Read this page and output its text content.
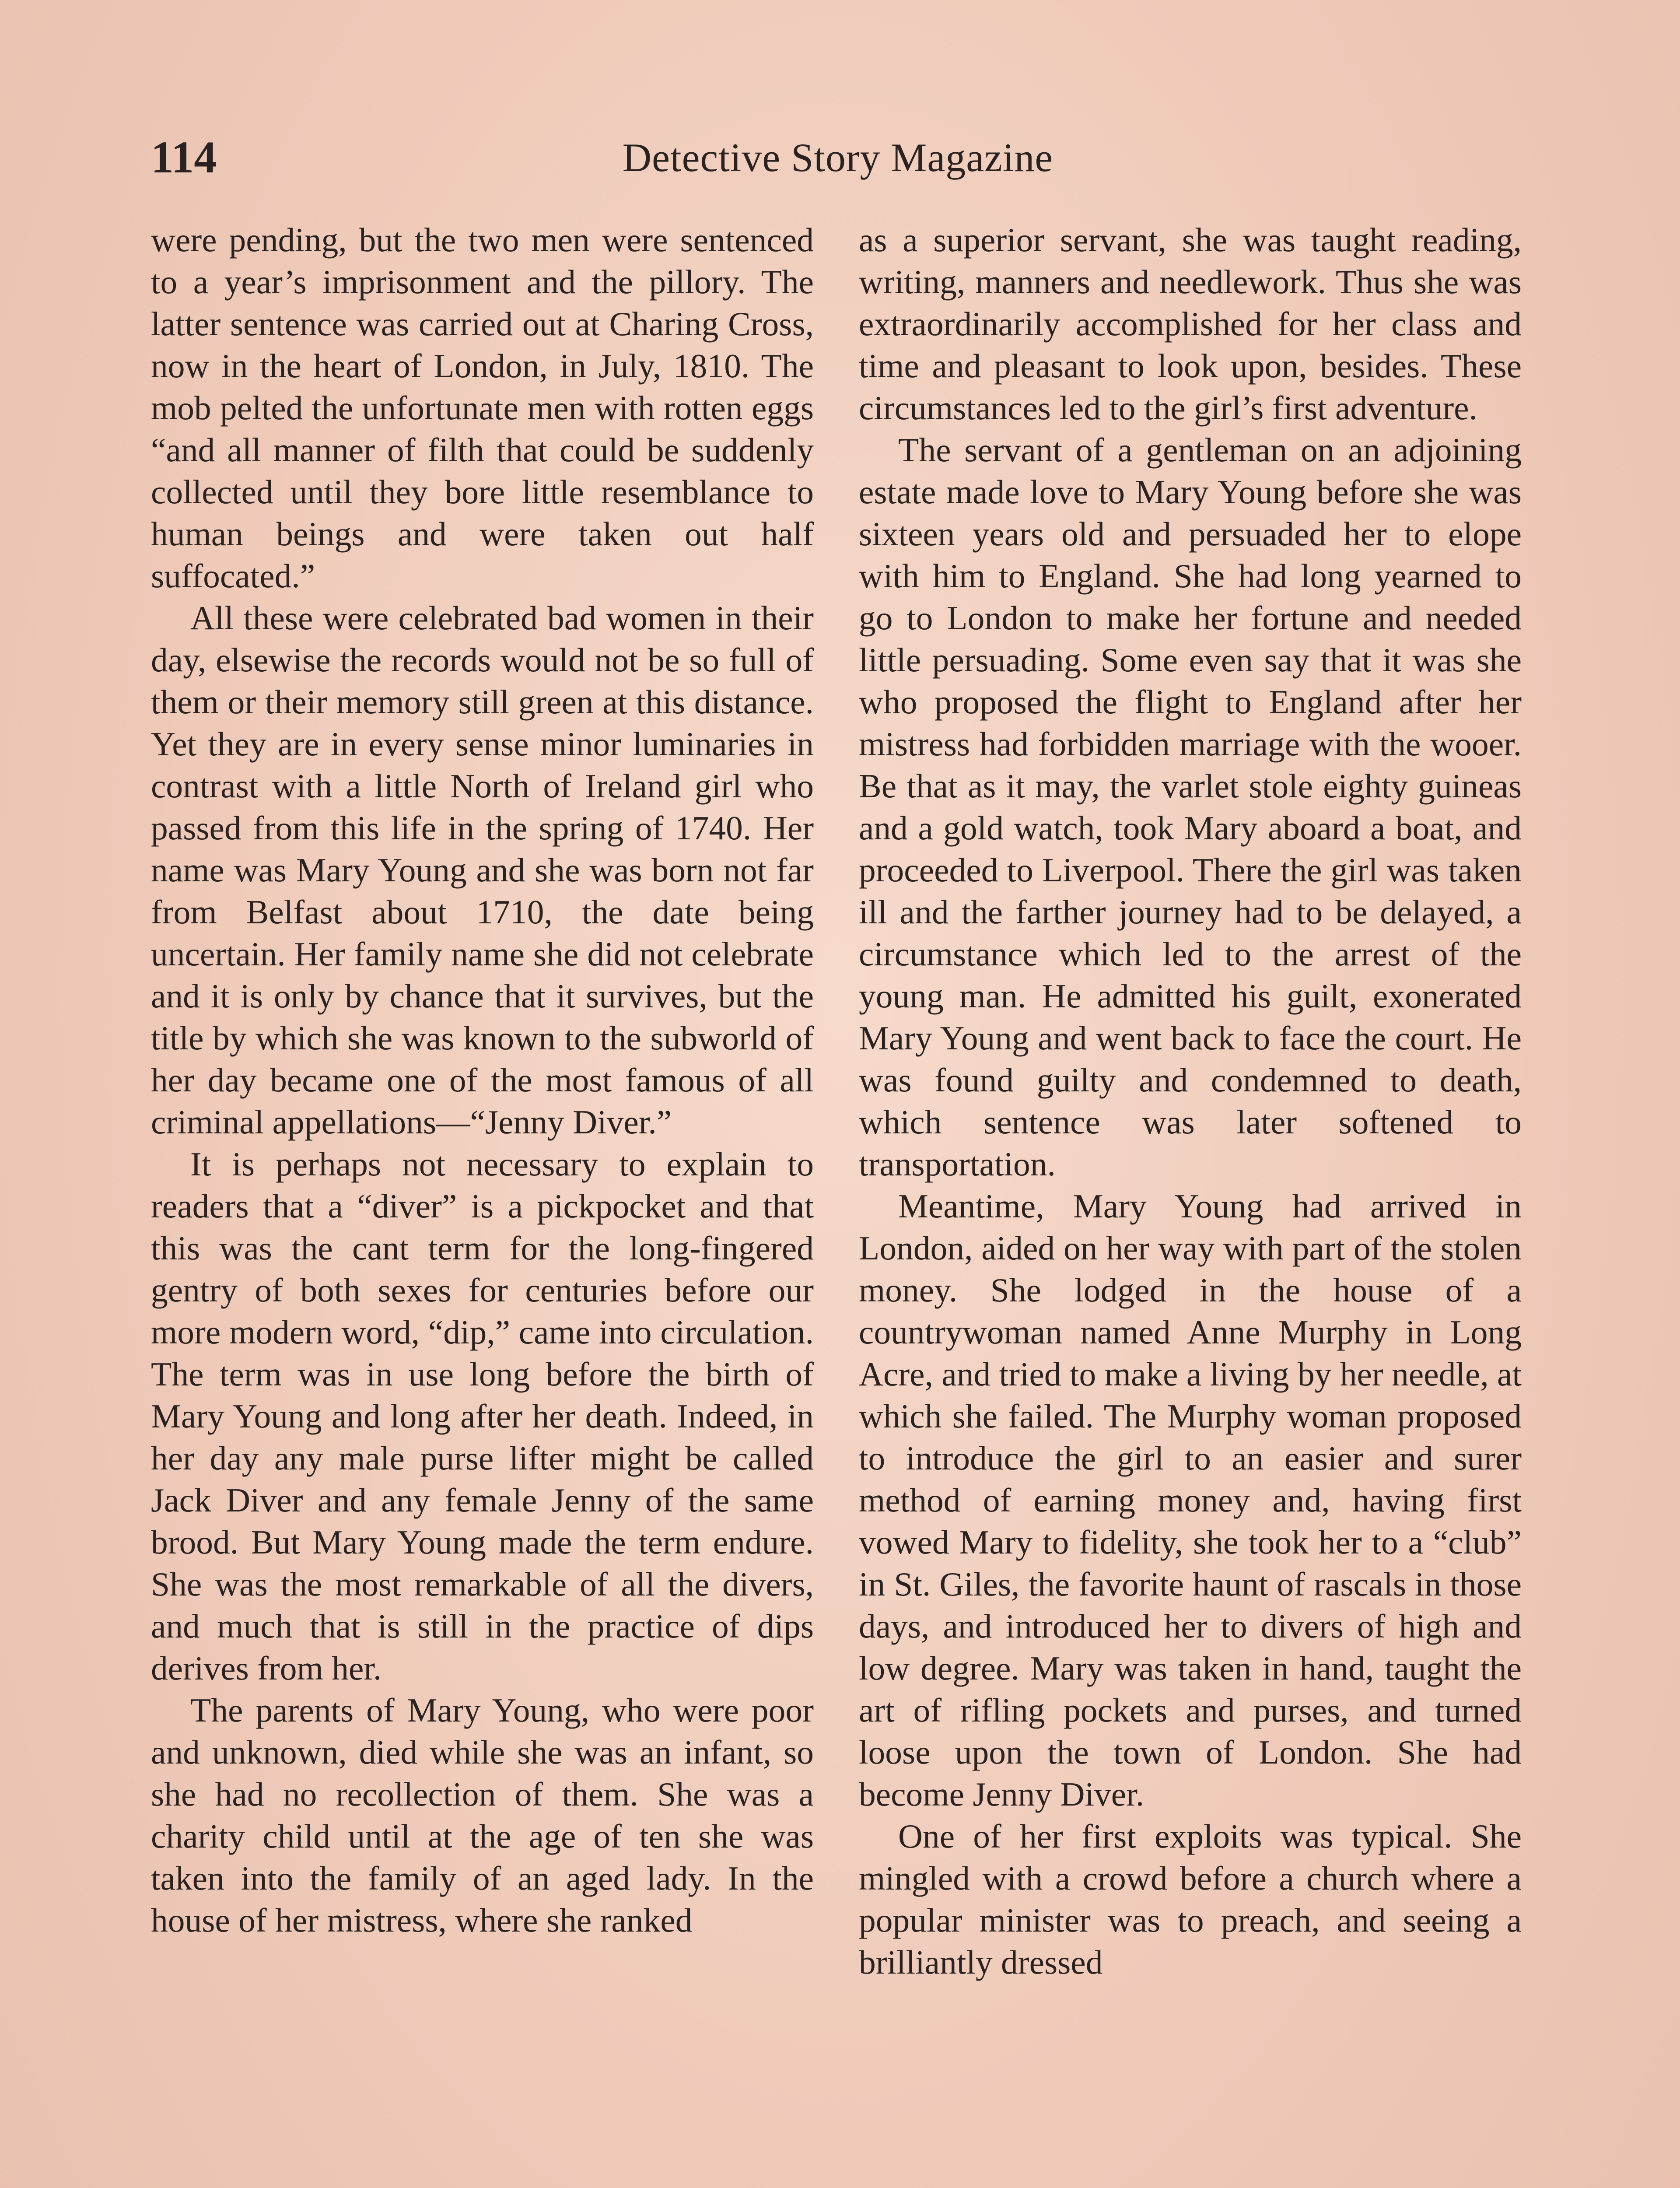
114	Detective Story Magazine

were pending, but the two men were sentenced to a year’s imprisonment and the pillory. The latter sentence was carried out at Charing Cross, now in the heart of London, in July, 1810. The mob pelted the unfortunate men with rotten eggs “and all manner of filth that could be suddenly collected until they bore little resemblance to human beings and were taken out half suffocated.”

All these were celebrated bad women in their day, elsewise the records would not be so full of them or their memory still green at this distance. Yet they are in every sense minor luminaries in contrast with a little North of Ireland girl who passed from this life in the spring of 1740. Her name was Mary Young and she was born not far from Belfast about 1710, the date being uncertain. Her family name she did not celebrate and it is only by chance that it survives, but the title by which she was known to the subworld of her day became one of the most famous of all criminal appellations—“Jenny Diver.”

It is perhaps not necessary to explain to readers that a “diver” is a pickpocket and that this was the cant term for the long-fingered gentry of both sexes for centuries before our more modern word, “dip,” came into circulation. The term was in use long before the birth of Mary Young and long after her death. Indeed, in her day any male purse lifter might be called Jack Diver and any female Jenny of the same brood. But Mary Young made the term endure. She was the most remarkable of all the divers, and much that is still in the practice of dips derives from her.

The parents of Mary Young, who were poor and unknown, died while she was an infant, so she had no recollection of them. She was a charity child until at the age of ten she was taken into the family of an aged lady. In the house of her mistress, where she ranked

as a superior servant, she was taught reading, writing, manners and needlework. Thus she was extraordinarily accomplished for her class and time and pleasant to look upon, besides. These circumstances led to the girl’s first adventure.

The servant of a gentleman on an adjoining estate made love to Mary Young before she was sixteen years old and persuaded her to elope with him to England. She had long yearned to go to London to make her fortune and needed little persuading. Some even say that it was she who proposed the flight to England after her mistress had forbidden marriage with the wooer. Be that as it may, the varlet stole eighty guineas and a gold watch, took Mary aboard a boat, and proceeded to Liverpool. There the girl was taken ill and the farther journey had to be delayed, a circumstance which led to the arrest of the young man. He admitted his guilt, exonerated Mary Young and went back to face the court. He was found guilty and condemned to death, which sentence was later softened to transportation.

Meantime, Mary Young had arrived in London, aided on her way with part of the stolen money. She lodged in the house of a countrywoman named Anne Murphy in Long Acre, and tried to make a living by her needle, at which she failed. The Murphy woman proposed to introduce the girl to an easier and surer method of earning money and, having first vowed Mary to fidelity, she took her to a “club” in St. Giles, the favorite haunt of rascals in those days, and introduced her to divers of high and low degree. Mary was taken in hand, taught the art of rifling pockets and purses, and turned loose upon the town of London. She had become Jenny Diver.

One of her first exploits was typical. She mingled with a crowd before a church where a popular minister was to preach, and seeing a brilliantly dressed
